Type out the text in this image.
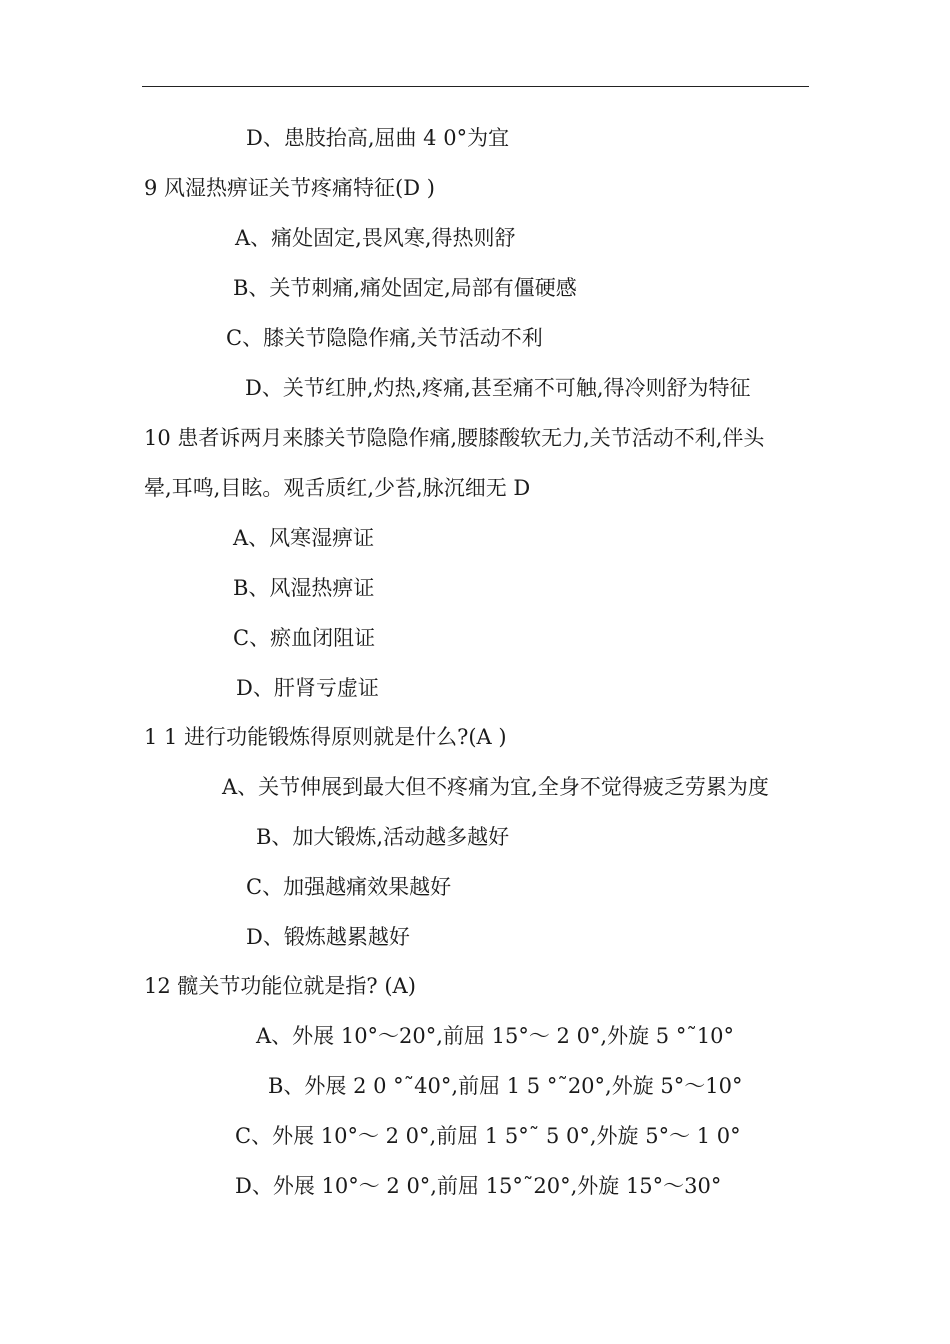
D、患肢抬高,屈曲 4 0°为宜
9 风湿热痹证关节疼痛特征(D )
A、痛处固定,畏风寒,得热则舒
B、关节刺痛,痛处固定,局部有僵硬感
C、膝关节隐隐作痛,关节活动不利
D、关节红肿,灼热,疼痛,甚至痛不可触,得冷则舒为特征
10 患者诉两月来膝关节隐隐作痛,腰膝酸软无力,关节活动不利,伴头
晕,耳鸣,目眩。观舌质红,少苔,脉沉细无 D
A、风寒湿痹证
B、风湿热痹证
C、瘀血闭阻证
D、肝肾亏虚证
1 1 进行功能锻炼得原则就是什么?(A )
A、关节伸展到最大但不疼痛为宜,全身不觉得疲乏劳累为度
B、加大锻炼,活动越多越好
C、加强越痛效果越好
D、锻炼越累越好
12 髋关节功能位就是指? (A)
A、外展 10°～20°,前屈 15°～ 2 0°,外旋 5 °˜10°
B、外展 2 0 °˜40°,前屈 1 5 °˜20°,外旋 5°～10°
C、外展 10°～ 2 0°,前屈 1 5°˜ 5 0°,外旋 5°～ 1 0°
D、外展 10°～ 2 0°,前屈 15°˜20°,外旋 15°～30°
